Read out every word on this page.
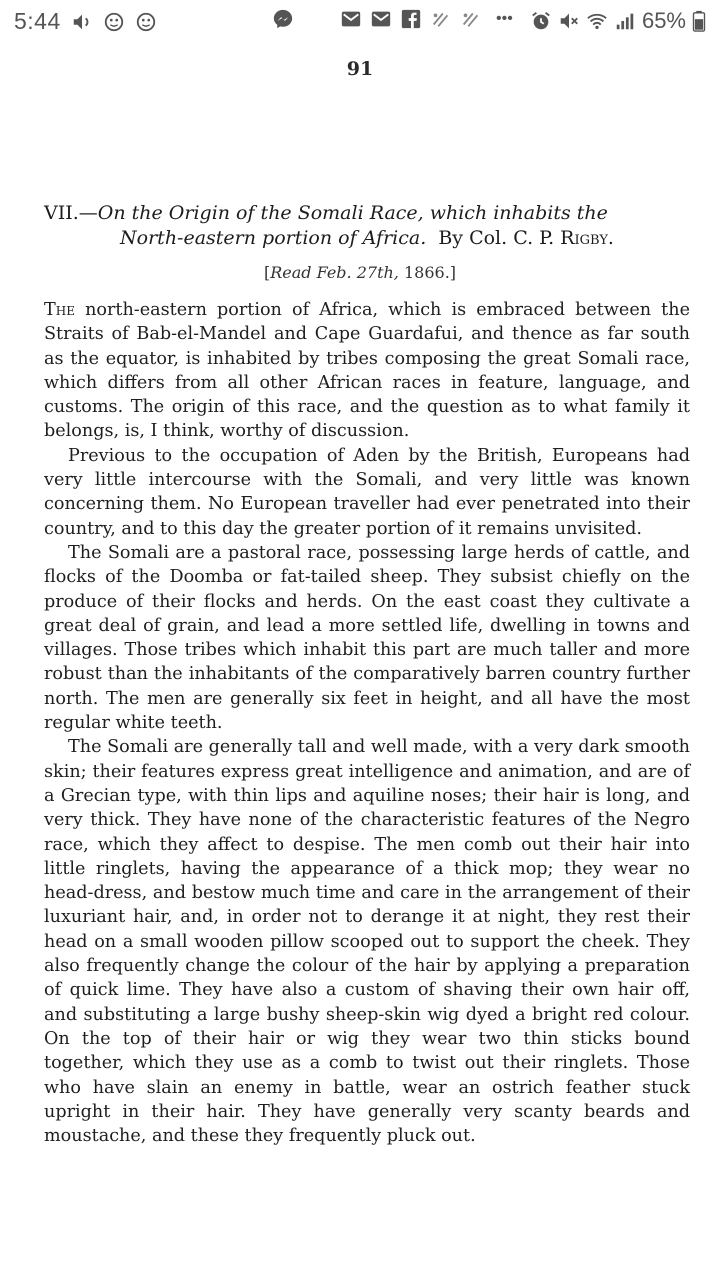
5:44	•••	65%
91
VII.—On the Origin of the Somali Race, which inhabits the
North-eastern portion of Africa. By Col. C. P. Rigby.
[Read Feb. 27th, 1866.]

The north-eastern portion of Africa, which is embraced between the Straits of Bab-el-Mandel and Cape Guardafui, and thence as far south as the equator, is inhabited by tribes composing the great Somali race, which differs from all other African races in feature, language, and customs. The origin of this race, and the question as to what family it belongs, is, I think, worthy of discussion.

Previous to the occupation of Aden by the British, Europeans had very little intercourse with the Somali, and very little was known concerning them. No European traveller had ever penetrated into their country, and to this day the greater portion of it remains unvisited.

The Somali are a pastoral race, possessing large herds of cattle, and flocks of the Doomba or fat-tailed sheep. They subsist chiefly on the produce of their flocks and herds. On the east coast they cultivate a great deal of grain, and lead a more settled life, dwelling in towns and villages. Those tribes which inhabit this part are much taller and more robust than the inhabitants of the comparatively barren country further north. The men are generally six feet in height, and all have the most regular white teeth.

The Somali are generally tall and well made, with a very dark smooth skin; their features express great intelligence and animation, and are of a Grecian type, with thin lips and aquiline noses; their hair is long, and very thick. They have none of the characteristic features of the Negro race, which they affect to despise. The men comb out their hair into little ringlets, having the appearance of a thick mop; they wear no head-dress, and bestow much time and care in the arrangement of their luxuriant hair, and, in order not to derange it at night, they rest their head on a small wooden pillow scooped out to support the cheek. They also frequently change the colour of the hair by applying a preparation of quick lime. They have also a custom of shaving their own hair off, and substituting a large bushy sheep-skin wig dyed a bright red colour. On the top of their hair or wig they wear two thin sticks bound together, which they use as a comb to twist out their ringlets. Those who have slain an enemy in battle, wear an ostrich feather stuck upright in their hair. They have generally very scanty beards and moustache, and these they frequently pluck out.
